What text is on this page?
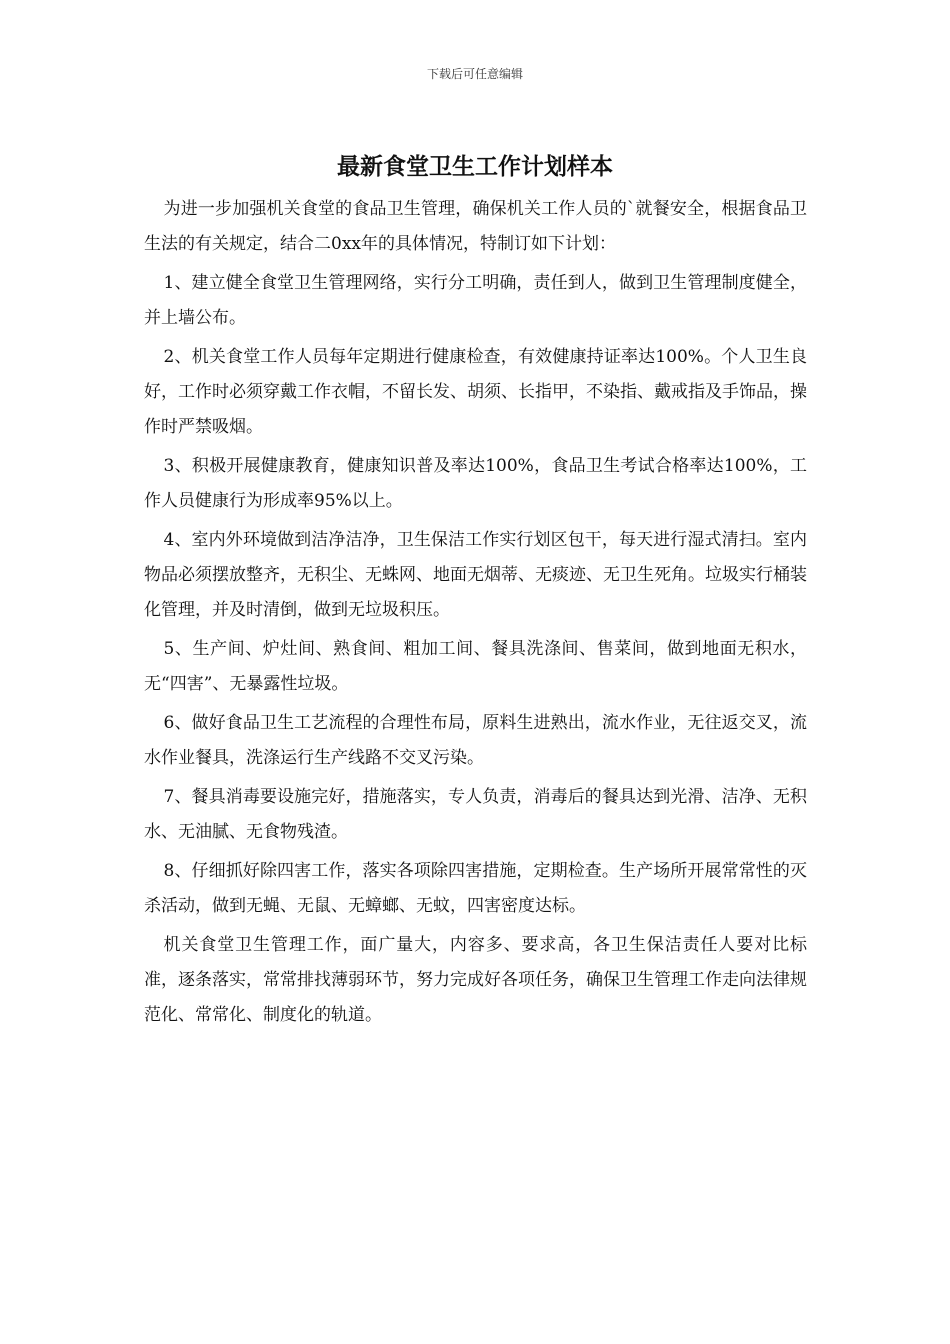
下载后可任意编辑
最新食堂卫生工作计划样本

为进一步加强机关食堂的食品卫生管理，确保机关工作人员的`就餐安全，根据食品卫生法的有关规定，结合二0xx年的具体情况，特制订如下计划：

1、建立健全食堂卫生管理网络，实行分工明确，责任到人，做到卫生管理制度健全，并上墙公布。

2、机关食堂工作人员每年定期进行健康检查，有效健康持证率达100%。个人卫生良好，工作时必须穿戴工作衣帽，不留长发、胡须、长指甲，不染指、戴戒指及手饰品，操作时严禁吸烟。

3、积极开展健康教育，健康知识普及率达100%，食品卫生考试合格率达100%，工作人员健康行为形成率95%以上。

4、室内外环境做到洁净洁净，卫生保洁工作实行划区包干，每天进行湿式清扫。室内物品必须摆放整齐，无积尘、无蛛网、地面无烟蒂、无痰迹、无卫生死角。垃圾实行桶装化管理，并及时清倒，做到无垃圾积压。

5、生产间、炉灶间、熟食间、粗加工间、餐具洗涤间、售菜间，做到地面无积水，无“四害”、无暴露性垃圾。

6、做好食品卫生工艺流程的合理性布局，原料生进熟出，流水作业，无往返交叉，流水作业餐具，洗涤运行生产线路不交叉污染。

7、餐具消毒要设施完好，措施落实，专人负责，消毒后的餐具达到光滑、洁净、无积水、无油腻、无食物残渣。

8、仔细抓好除四害工作，落实各项除四害措施，定期检查。生产场所开展常常性的灭杀活动，做到无蝇、无鼠、无蟑螂、无蚊，四害密度达标。

机关食堂卫生管理工作，面广量大，内容多、要求高，各卫生保洁责任人要对比标准，逐条落实，常常排找薄弱环节，努力完成好各项任务，确保卫生管理工作走向法律规范化、常常化、制度化的轨道。
